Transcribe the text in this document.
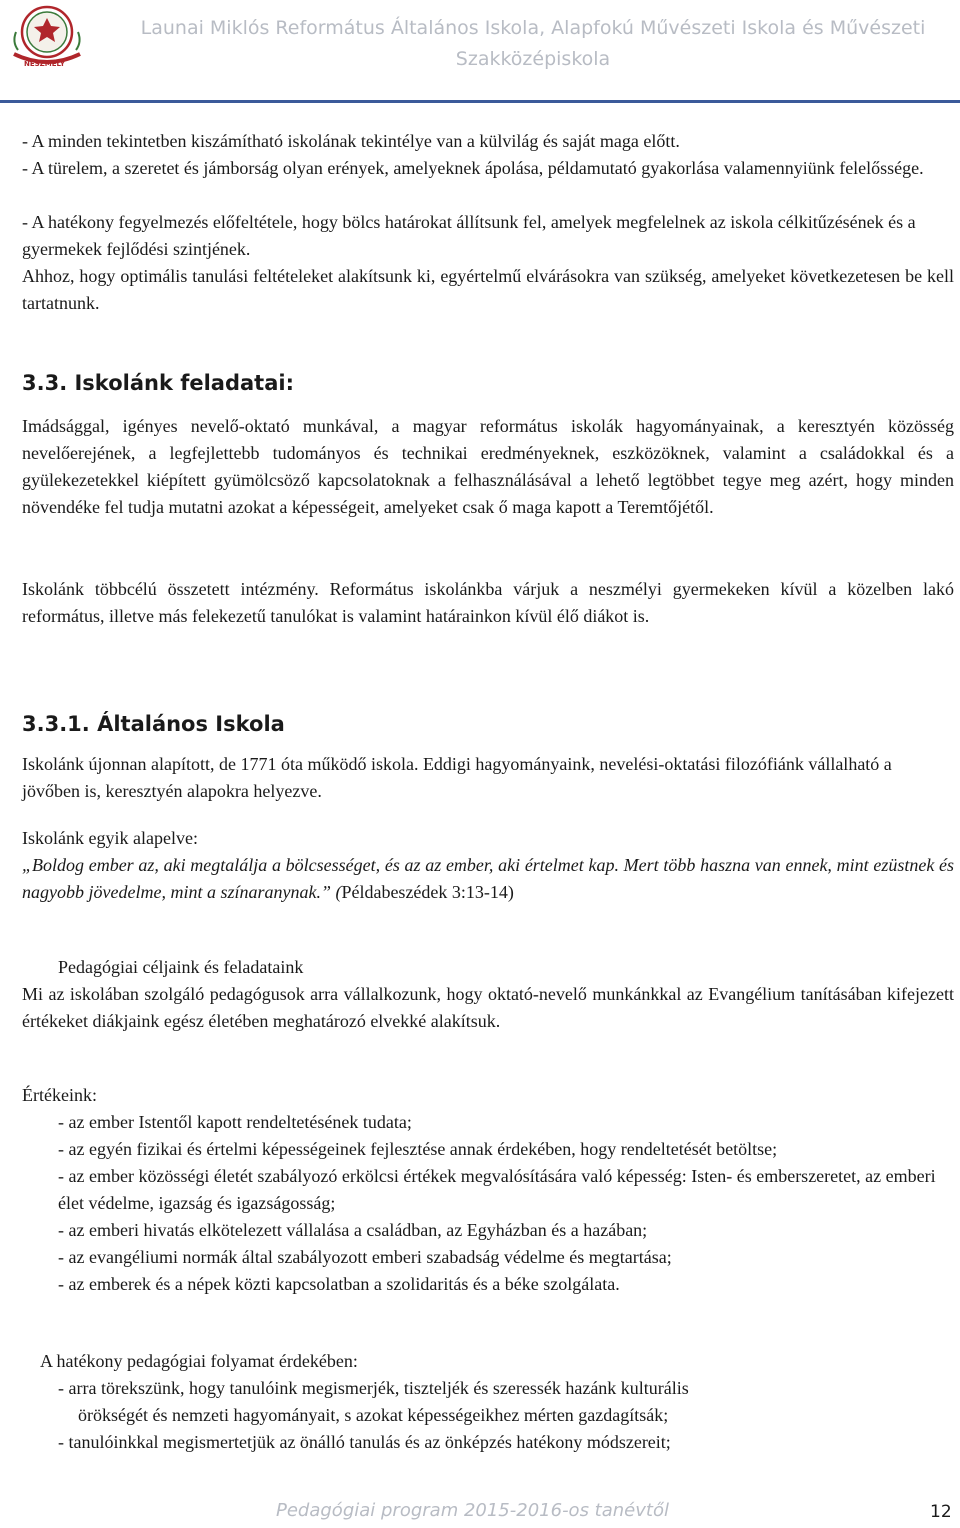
NESZMÉLY
Launai Miklós Református Általános Iskola, Alapfokú Művészeti Iskola és Művészeti Szakközépiskola

- A minden tekintetben kiszámítható iskolának tekintélye van a külvilág és saját maga előtt.

- A türelem, a szeretet és jámborság olyan erények, amelyeknek ápolása, példamutató gyakorlása valamennyiünk felelőssége.

- A hatékony fegyelmezés előfeltétele, hogy bölcs határokat állítsunk fel, amelyek megfelelnek az iskola célkitűzésének és a gyermekek fejlődési szintjének.

Ahhoz, hogy optimális tanulási feltételeket alakítsunk ki, egyértelmű elvárásokra van szükség, amelyeket következetesen be kell tartatnunk.

3.3. Iskolánk feladatai:

Imádsággal, igényes nevelő-oktató munkával, a magyar református iskolák hagyományainak, a keresztyén közösség nevelőerejének, a legfejlettebb tudományos és technikai eredményeknek, eszközöknek, valamint a családokkal és a gyülekezetekkel kiépített gyümölcsöző kapcsolatoknak a felhasználásával a lehető legtöbbet tegye meg azért, hogy minden növendéke fel tudja mutatni azokat a képességeit, amelyeket csak ő maga kapott a Teremtőjétől.

Iskolánk többcélú összetett intézmény. Református iskolánkba várjuk a neszmélyi gyermekeken kívül a közelben lakó református, illetve más felekezetű tanulókat is valamint határainkon kívül élő diákot is.

3.3.1. Általános Iskola

Iskolánk újonnan alapított, de 1771 óta működő iskola. Eddigi hagyományaink, nevelési-oktatási filozófiánk vállalható a jövőben is, keresztyén alapokra helyezve.

Iskolánk egyik alapelve:

„Boldog ember az, aki megtalálja a bölcsességet, és az az ember, aki értelmet kap. Mert több haszna van ennek, mint ezüstnek és nagyobb jövedelme, mint a színaranynak.” (Példabeszédek 3:13-14)

Pedagógiai céljaink és feladataink

Mi az iskolában szolgáló pedagógusok arra vállalkozunk, hogy oktató-nevelő munkánkkal az Evangélium tanításában kifejezett értékeket diákjaink egész életében meghatározó elvekké alakítsuk.

Értékeink:

- az ember Istentől kapott rendeltetésének tudata;
- az egyén fizikai és értelmi képességeinek fejlesztése annak érdekében, hogy rendeltetését betöltse;
- az ember közösségi életét szabályozó erkölcsi értékek megvalósítására való képesség: Isten- és emberszeretet, az emberi élet védelme, igazság és igazságosság;
- az emberi hivatás elkötelezett vállalása a családban, az Egyházban és a hazában;
- az evangéliumi normák által szabályozott emberi szabadság védelme és megtartása;
- az emberek és a népek közti kapcsolatban a szolidaritás és a béke szolgálata.

A hatékony pedagógiai folyamat érdekében:

- arra törekszünk, hogy tanulóink megismerjék, tiszteljék és szeressék hazánk kulturális
örökségét és nemzeti hagyományait, s azokat képességeikhez mérten gazdagítsák;
- tanulóinkkal megismertetjük az önálló tanulás és az önképzés hatékony módszereit;
Pedagógiai program 2015-2016-os tanévtől	12
